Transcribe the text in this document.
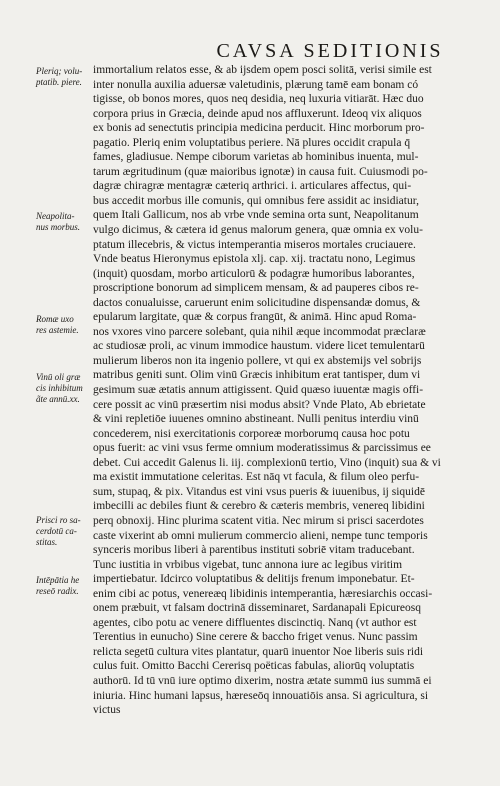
CAVSA SEDITIONIS
Pleriq; volu-
ptatib. piere.
Neapolita-
nus morbus.
Romæ uxo
res astemie.
Vinū oli græ
cis inhibitum
ãte annū.xx.
Prisci ro sa-
cerdotū ca-
stitas.
Intēpātia he
reseō radix.
immortalium relatos esse, & ab ijsdem opem posci solitā, verisi simile est
inter nonulla auxilia aduersæ valetudinis, plærung tamē eam bonam có
tigisse, ob bonos mores, quos neq desidia, neq luxuria vitiarāt. Hæc duo
corpora prius in Græcia, deinde apud nos affluxerunt. Ideoq vix aliquos
ex bonis ad senectutis principia medicina perducit. Hinc morborum pro-
pagatio. Pleriq enim voluptatibus periere. Nā plures occidit crapula q̄
fames, gladiusue. Nempe ciborum varietas ab hominibus inuenta, mul-
tarum ægritudinum (quæ maioribus ignotæ) in causa fuit. Cuiusmodi po-
dagræ chiragræ mentagræ cæteriq arthrici. i. articulares affectus, qui-
bus accedit morbus ille comunis, qui omnibus fere assidit ac insidiatur,
quem Itali Gallicum, nos ab vrbe vnde semina orta sunt, Neapolitanum
vulgo dicimus, & cætera id genus malorum genera, quæ omnia ex volu-
ptatum illecebris, & victus intemperantia miseros mortales cruciauere.
Vnde beatus Hieronymus epistola xlj. cap. xij. tractatu nono, Legimus
(inquit) quosdam, morbo articulorū & podagræ humoribus laborantes,
proscriptione bonorum ad simplicem mensam, & ad pauperes cibos re-
dactos conualuisse, caruerunt enim solicitudine dispensandæ domus, &
epularum largitate, quæ & corpus frangūt, & animā. Hinc apud Roma-
nos vxores vino parcere solebant, quia nihil æque incommodat præclaræ
ac studiosæ proli, ac vinum immodice haustum. videre licet temulentarū
mulierum liberos non ita ingenio pollere, vt qui ex abstemijs vel sobrijs
matribus geniti sunt. Olim vinū Græcis inhibitum erat tantisper, dum vi
gesimum suæ ætatis annum attigissent. Quid quæso iuuentæ magis offi-
cere possit ac vinū præsertim nisi modus absit? Vnde Plato, Ab ebrietate
& vini repletiōe iuuenes omnino abstineant. Nulli penitus interdiu vinū
concederem, nisi exercitationis corporeæ morborumq causa hoc potu
opus fuerit: ac vini vsus ferme omnium moderatissimus & parcissimus ee
debet. Cui accedit Galenus li. iij. complexionū tertio, Vino (inquit) sua & vi
ma existit immutatione celeritas. Est nāq vt facula, & filum oleo perfu-
sum, stupaq, & pix. Vitandus est vini vsus pueris & iuuenibus, ij siquidē
imbecilli ac debiles fiunt & cerebro & cæteris membris, venereq libidini
perq obnoxij. Hinc plurima scatent vitia. Nec mirum si prisci sacerdotes
caste vixerint ab omni mulierum commercio alieni, nempe tunc temporis
synceris moribus liberi à parentibus instituti sobriē vitam traducebant.
Tunc iustitia in vrbibus vigebat, tunc annona iure ac legibus viritim
impertiebatur. Idcirco voluptatibus & delitijs frenum imponebatur. Et-
enim cibi ac potus, venereæq libidinis intemperantia, hæresiarchis occasi-
onem præbuit, vt falsam doctrinā disseminaret, Sardanapali Epicureosq
agentes, cibo potu ac venere diffluentes discinctiq. Nanq (vt author est
Terentius in eunucho) Sine cerere & baccho friget venus. Nunc passim
relicta segetū cultura vites plantatur, quarū inuentor Noe liberis suis ridi
culus fuit. Omitto Bacchi Cererisq poëticas fabulas, aliorūq voluptatis
authorū. Id tū vnū iure optimo dixerim, nostra ætate summū ius summā ei
iniuria. Hinc humani lapsus, hæreseōq innouatiōis ansa. Si agricultura, si
victus
